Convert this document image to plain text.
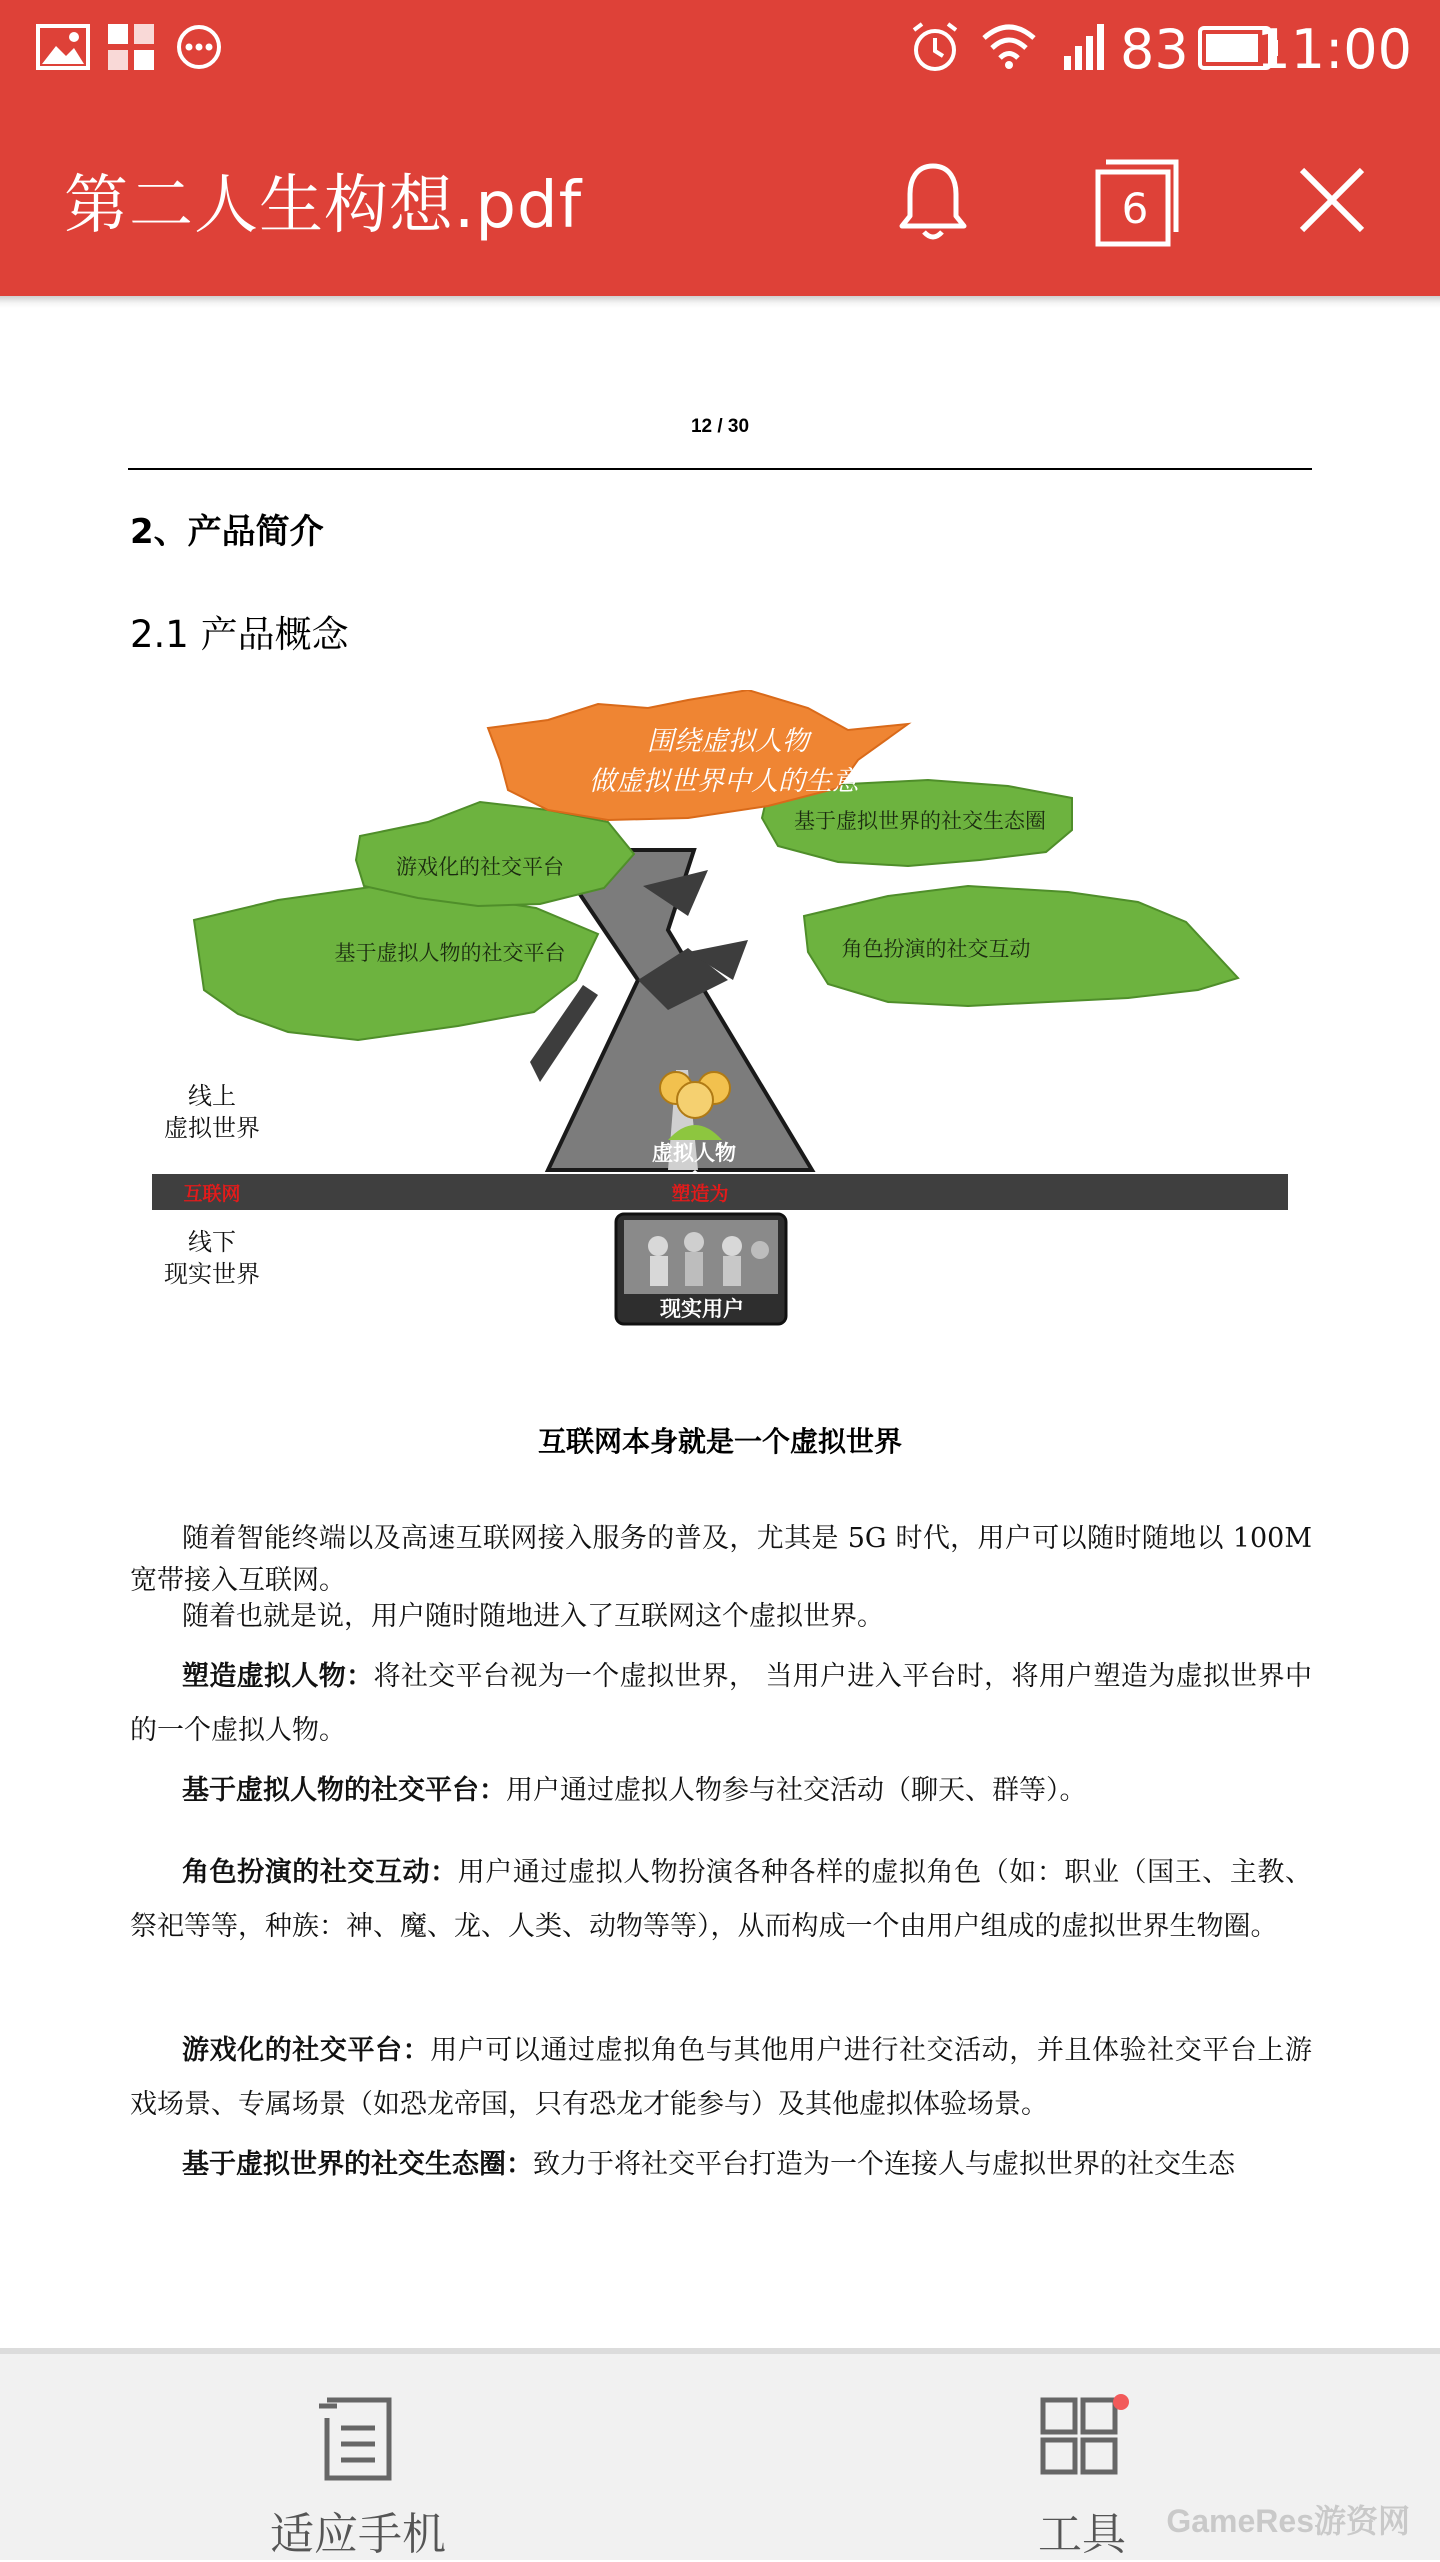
83 11:00
第二人生构想.pdf	6
12 / 30
2、产品简介
2.1 产品概念
围绕虚拟人物
做虚拟世界中人的生意
基于虚拟世界的社交生态圈
游戏化的社交平台
基于虚拟人物的社交平台	角色扮演的社交互动
虚拟人物
互联网	塑造为
线上
虚拟世界
线下
现实世界
现实用户
互联网本身就是一个虚拟世界
随着智能终端以及高速互联网接入服务的普及，尤其是 5G 时代，用户可以随时随地以 100M 宽带接入互联网。
随着也就是说，用户随时随地进入了互联网这个虚拟世界。
塑造虚拟人物：将社交平台视为一个虚拟世界， 当用户进入平台时，将用户塑造为虚拟世界中的一个虚拟人物。
基于虚拟人物的社交平台：用户通过虚拟人物参与社交活动（聊天、群等）。
角色扮演的社交互动：用户通过虚拟人物扮演各种各样的虚拟角色（如：职业（国王、主教、祭祀等等，种族：神、魔、龙、人类、动物等等），从而构成一个由用户组成的虚拟世界生物圈。
游戏化的社交平台：用户可以通过虚拟角色与其他用户进行社交活动，并且体验社交平台上游戏场景、专属场景（如恐龙帝国，只有恐龙才能参与）及其他虚拟体验场景。
基于虚拟世界的社交生态圈：致力于将社交平台打造为一个连接人与虚拟世界的社交生态
适应手机	工具	GameRes游资网
